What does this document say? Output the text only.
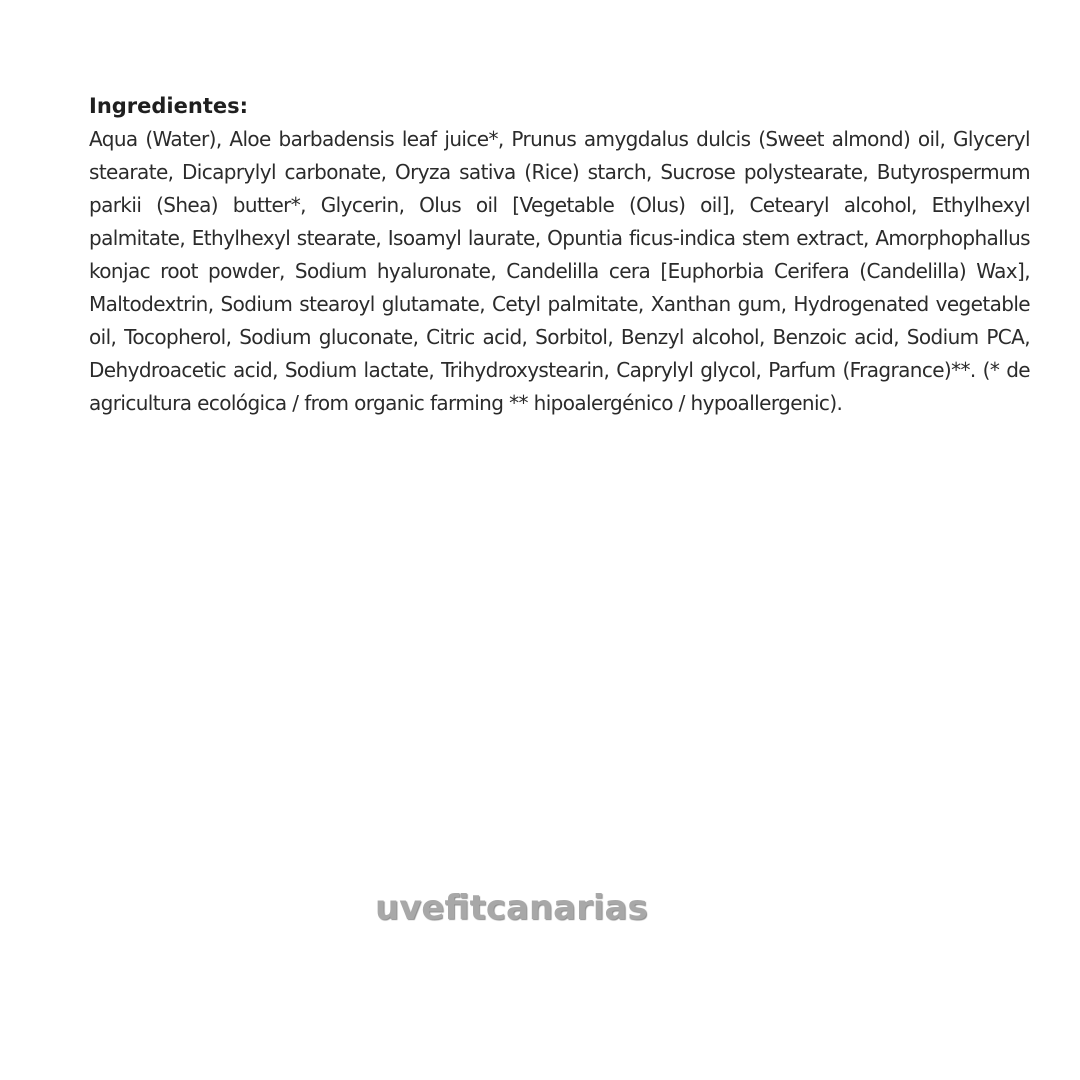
Ingredientes:

Aqua (Water), Aloe barbadensis leaf juice*, Prunus amygdalus dulcis (Sweet almond) oil, Glyceryl stearate, Dicaprylyl carbonate, Oryza sativa (Rice) starch, Sucrose polystearate, Butyrospermum parkii (Shea) butter*, Glycerin, Olus oil [Vegetable (Olus) oil], Cetearyl alcohol, Ethylhexyl palmitate, Ethylhexyl stearate, Isoamyl laurate, Opuntia ficus-indica stem extract, Amorphophallus konjac root powder, Sodium hyaluronate, Candelilla cera [Euphorbia Cerifera (Candelilla) Wax], Maltodextrin, Sodium stearoyl glutamate, Cetyl palmitate, Xanthan gum, Hydrogenated vegetable oil, Tocopherol, Sodium gluconate, Citric acid, Sorbitol, Benzyl alcohol, Benzoic acid, Sodium PCA, Dehydroacetic acid, Sodium lactate, Trihydroxystearin, Caprylyl glycol, Parfum (Fragrance)**. (* de agricultura ecológica / from organic farming ** hipoalergénico / hypoallergenic).

uvefitcanarias
